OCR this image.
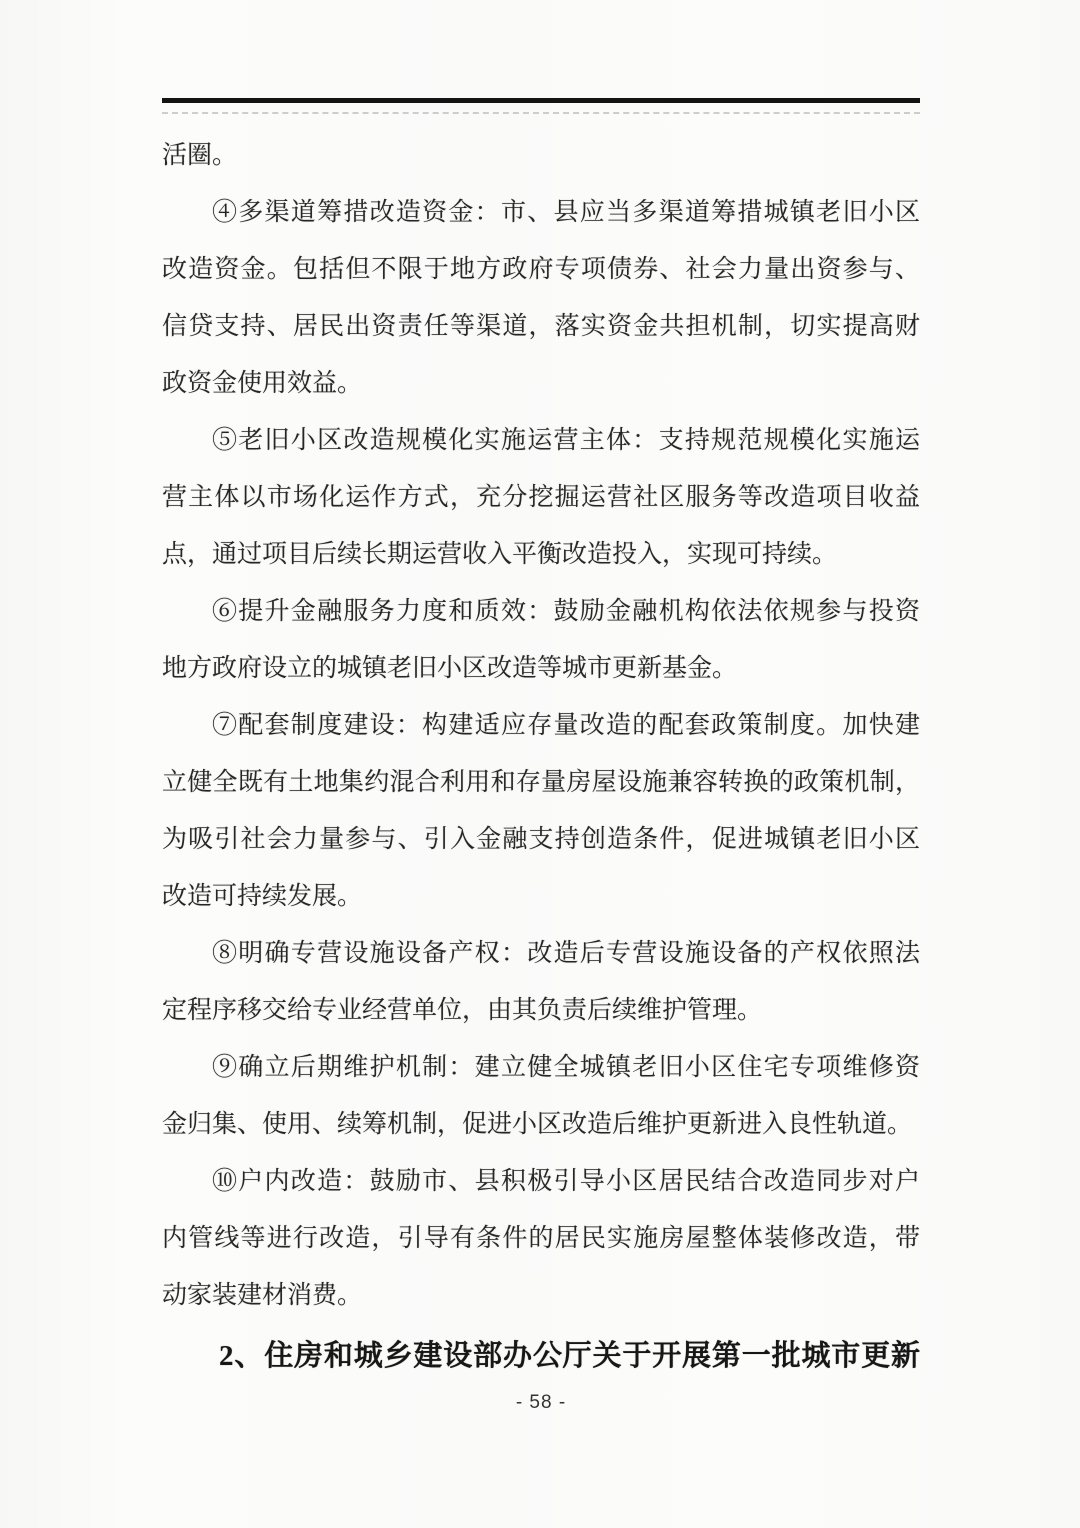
活圈。
④多渠道筹措改造资金：市、县应当多渠道筹措城镇老旧小区
改造资金。包括但不限于地方政府专项债券、社会力量出资参与、
信贷支持、居民出资责任等渠道，落实资金共担机制，切实提高财
政资金使用效益。
⑤老旧小区改造规模化实施运营主体：支持规范规模化实施运
营主体以市场化运作方式，充分挖掘运营社区服务等改造项目收益
点，通过项目后续长期运营收入平衡改造投入，实现可持续。
⑥提升金融服务力度和质效：鼓励金融机构依法依规参与投资
地方政府设立的城镇老旧小区改造等城市更新基金。
⑦配套制度建设：构建适应存量改造的配套政策制度。加快建
立健全既有土地集约混合利用和存量房屋设施兼容转换的政策机制，
为吸引社会力量参与、引入金融支持创造条件，促进城镇老旧小区
改造可持续发展。
⑧明确专营设施设备产权：改造后专营设施设备的产权依照法
定程序移交给专业经营单位，由其负责后续维护管理。
⑨确立后期维护机制：建立健全城镇老旧小区住宅专项维修资
金归集、使用、续筹机制，促进小区改造后维护更新进入良性轨道。
⑩户内改造：鼓励市、县积极引导小区居民结合改造同步对户
内管线等进行改造，引导有条件的居民实施房屋整体装修改造，带
动家装建材消费。
2、住房和城乡建设部办公厅关于开展第一批城市更新
- 58 -
